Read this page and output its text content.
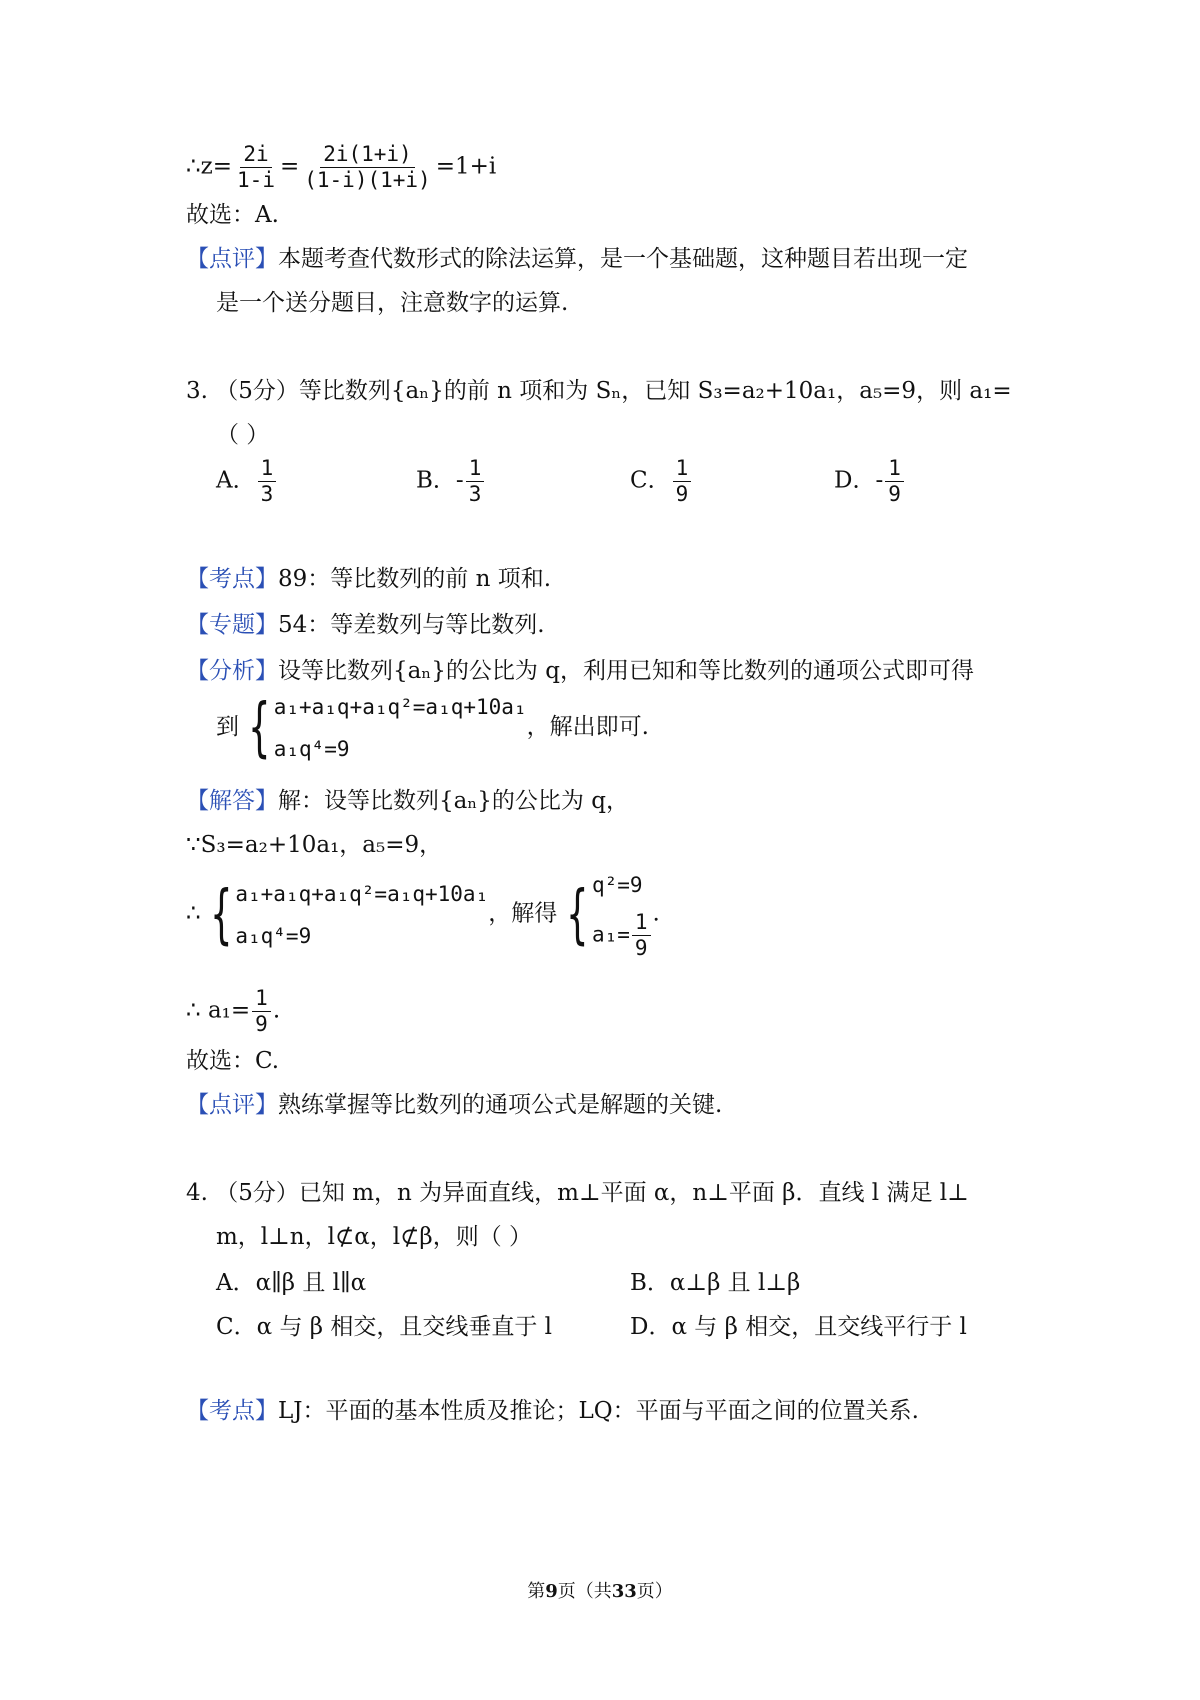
∴z= $\frac{2i}{1-i} = \frac{2i(1+i)}{(1-i)(1+i)}$ =﻿1+i
故选：A.
【点评】本题考查代数形式的除法运算，是一个基础题，这种题目若出现一定
是一个送分题目，注意数字的运算.
3. （5分）等比数列{aₙ}的前 n 项和为 Sₙ，已知 S₃=a₂+10a₁，a₅=9，则 a₁=
（ ）
A． $\frac{1}{3}$	B．- $\frac{1}{3}$	C． $\frac{1}{9}$	D．- $\frac{1}{9}$
【考点】89：等比数列的前 n 项和.
【专题】54：等差数列与等比数列.
【分析】设等比数列{aₙ}的公比为 q，利用已知和等比数列的通项公式即可得
到 { a₁+a₁q+a₁q²=a₁q+10a₁
a₁q⁴=9
，解出即可.
【解答】解：设等比数列{aₙ}的公比为 q，
∵S₃=a₂+10a₁，a₅=9，
∴ { a₁+a₁q+a₁q²=a₁q+10a₁
a₁q⁴=9
，解得 { q²=9
$a_1= \frac{1}{9}$ .
∴ $a_1= \frac{1}{9}$ .
故选：C.
【点评】熟练掌握等比数列的通项公式是解题的关键.
4. （5分）已知 m，n 为异面直线，m⊥平面 α，n⊥平面 β．直线 l 满足 l⊥
m，l⊥n，l⊄α，l⊄β，则（ ）
A．α∥β 且 l∥α	B．α⊥β 且 l⊥β
C．α 与 β 相交，且交线垂直于 l	D．α 与 β 相交，且交线平行于 l
【考点】LJ：平面的基本性质及推论；LQ：平面与平面之间的位置关系.
第9页（共33页）
